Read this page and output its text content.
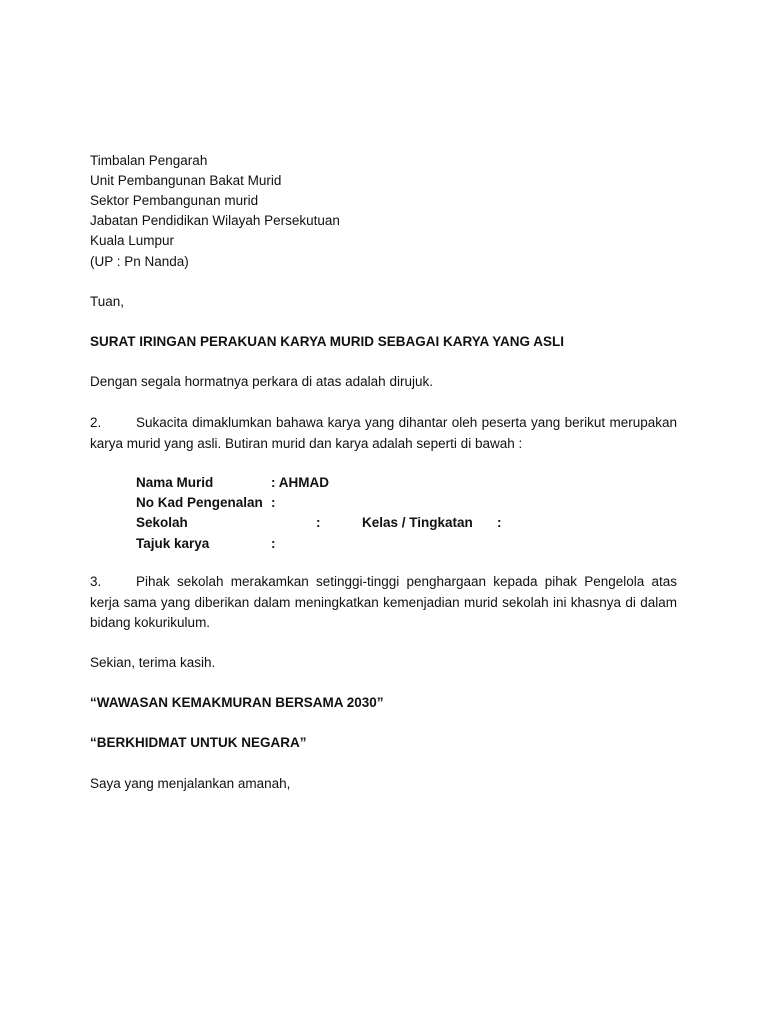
Timbalan Pengarah
Unit Pembangunan Bakat Murid
Sektor Pembangunan murid
Jabatan Pendidikan Wilayah Persekutuan
Kuala Lumpur
(UP : Pn Nanda)
Tuan,
SURAT IRINGAN PERAKUAN KARYA MURID SEBAGAI KARYA YANG ASLI
Dengan segala hormatnya perkara di atas adalah dirujuk.
2.	Sukacita dimaklumkan bahawa karya yang dihantar oleh peserta yang berikut merupakan karya murid yang asli. Butiran murid dan karya adalah seperti di bawah :
Nama Murid	: AHMAD
No Kad Pengenalan :
Sekolah	:	Kelas / Tingkatan :
Tajuk karya	:
3.	Pihak sekolah merakamkan setinggi-tinggi penghargaan kepada pihak Pengelola atas kerja sama yang diberikan dalam meningkatkan kemenjadian murid sekolah ini khasnya di dalam bidang kokurikulum.
Sekian, terima kasih.
“WAWASAN KEMAKMURAN BERSAMA 2030”
“BERKHIDMAT UNTUK NEGARA”
Saya yang menjalankan amanah,
